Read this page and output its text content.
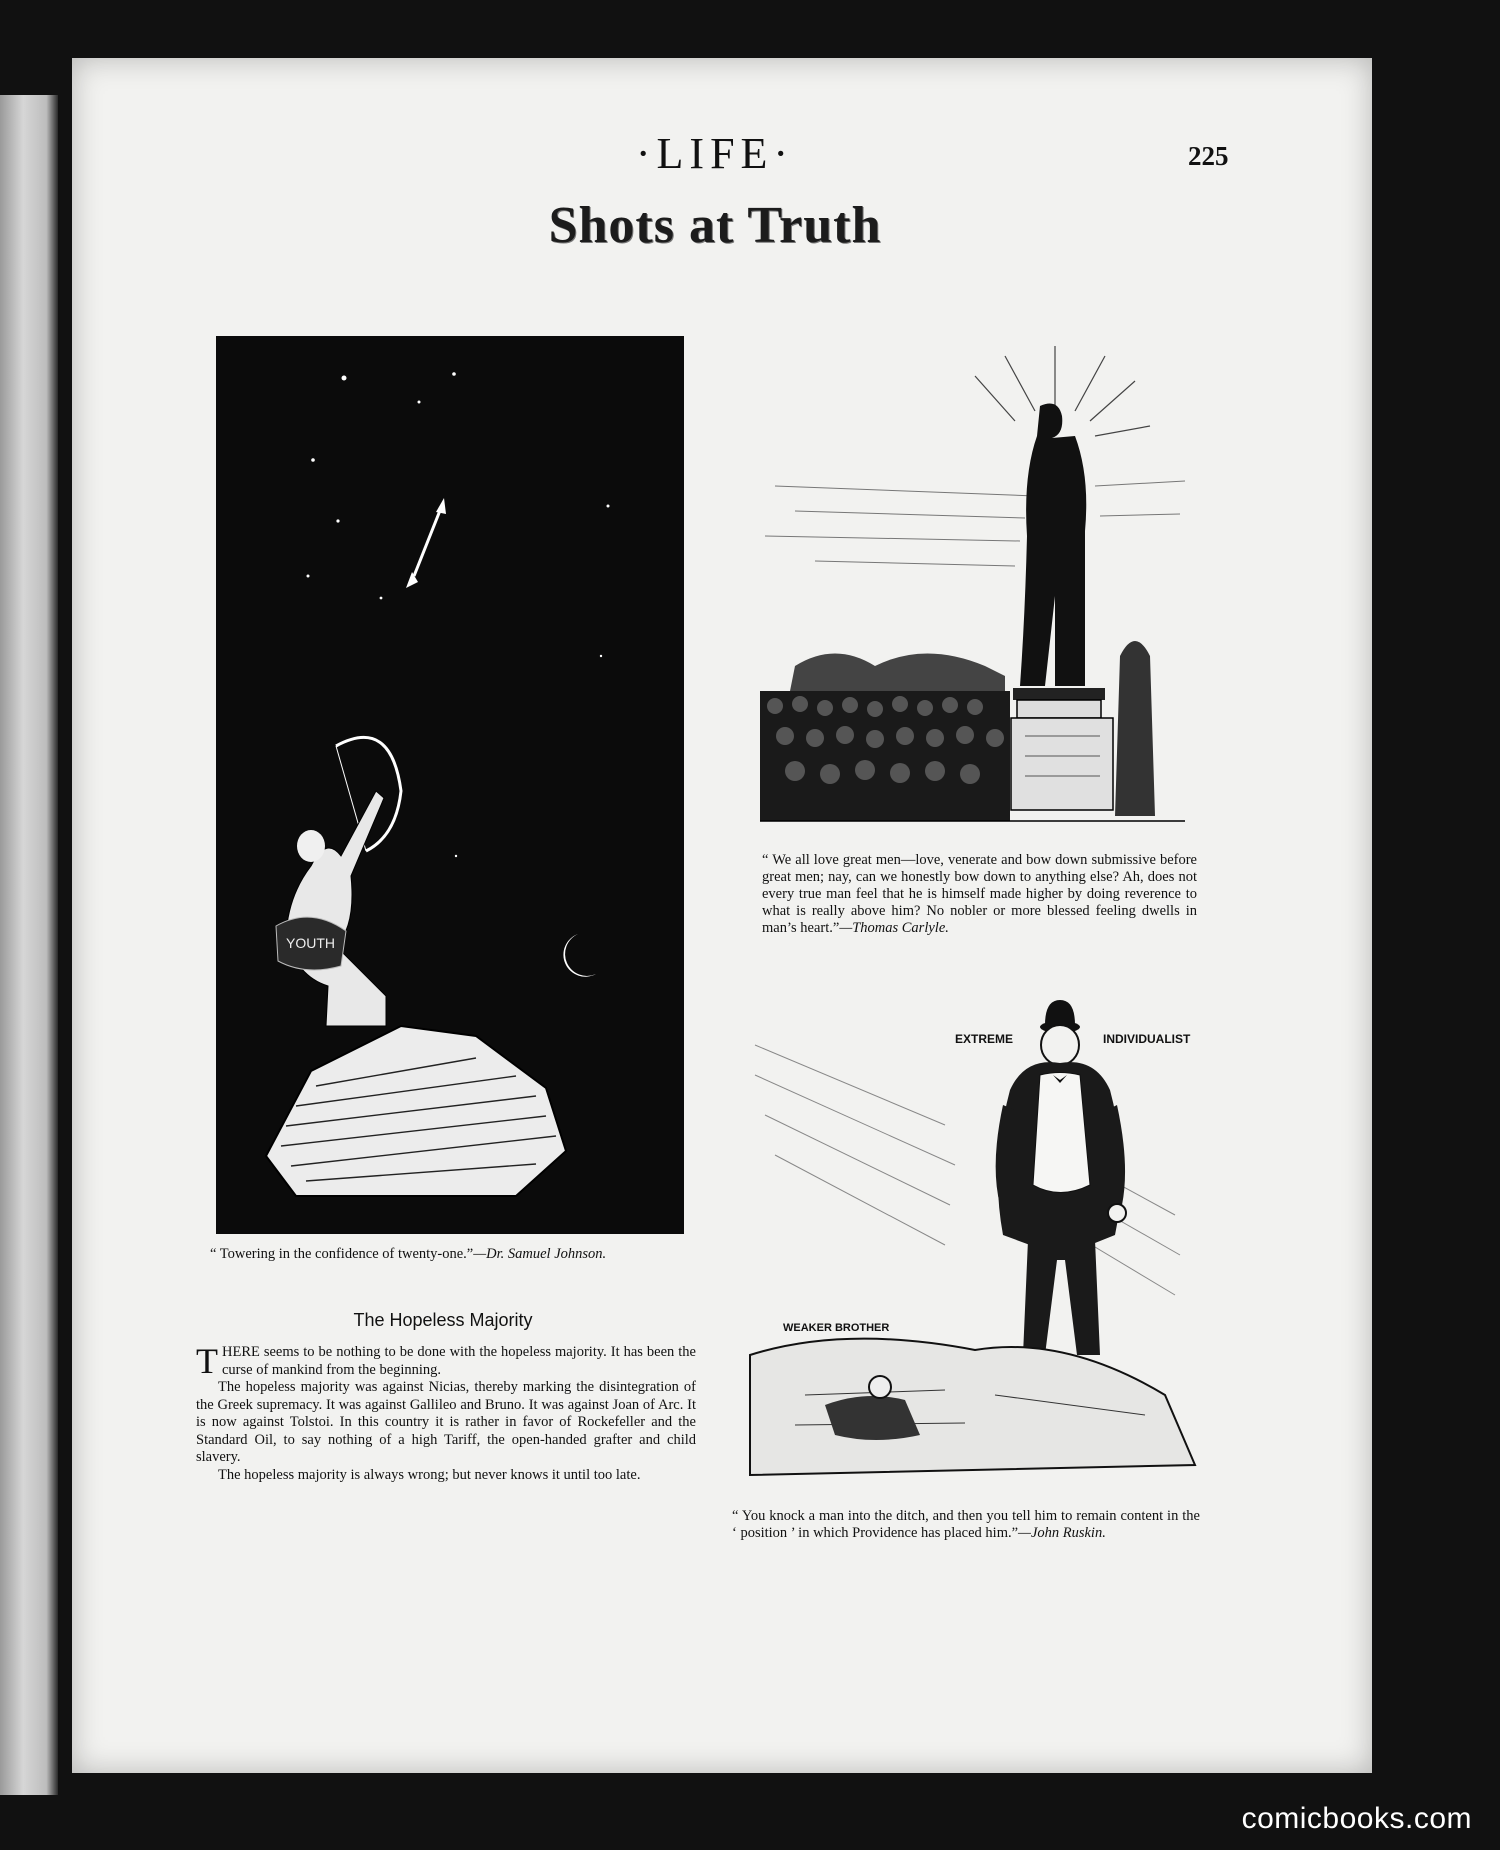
·LIFE·	225
Shots at Truth
YOUTH
“ Towering in the confidence of twenty-one.”—Dr. Samuel Johnson.
“ We all love great men—love, venerate and bow down submissive before great men; nay, can we honestly bow down to anything else? Ah, does not every true man feel that he is himself made higher by doing reverence to what is really above him? No nobler or more blessed feeling dwells in man’s heart.”—Thomas Carlyle.
EXTREME	INDIVIDUALIST
WEAKER BROTHER
“ You knock a man into the ditch, and then you tell him to remain content in the ‘ position ’ in which Providence has placed him.”—John Ruskin.
The Hopeless Majority

THERE seems to be nothing to be done with the hopeless majority. It has been the curse of mankind from the beginning.

The hopeless majority was against Nicias, thereby marking the disintegration of the Greek supremacy. It was against Gallileo and Bruno. It was against Joan of Arc. It is now against Tolstoi. In this country it is rather in favor of Rockefeller and the Standard Oil, to say nothing of a high Tariff, the open-handed grafter and child slavery.

The hopeless majority is always wrong; but never knows it until too late.

comicbooks.com
